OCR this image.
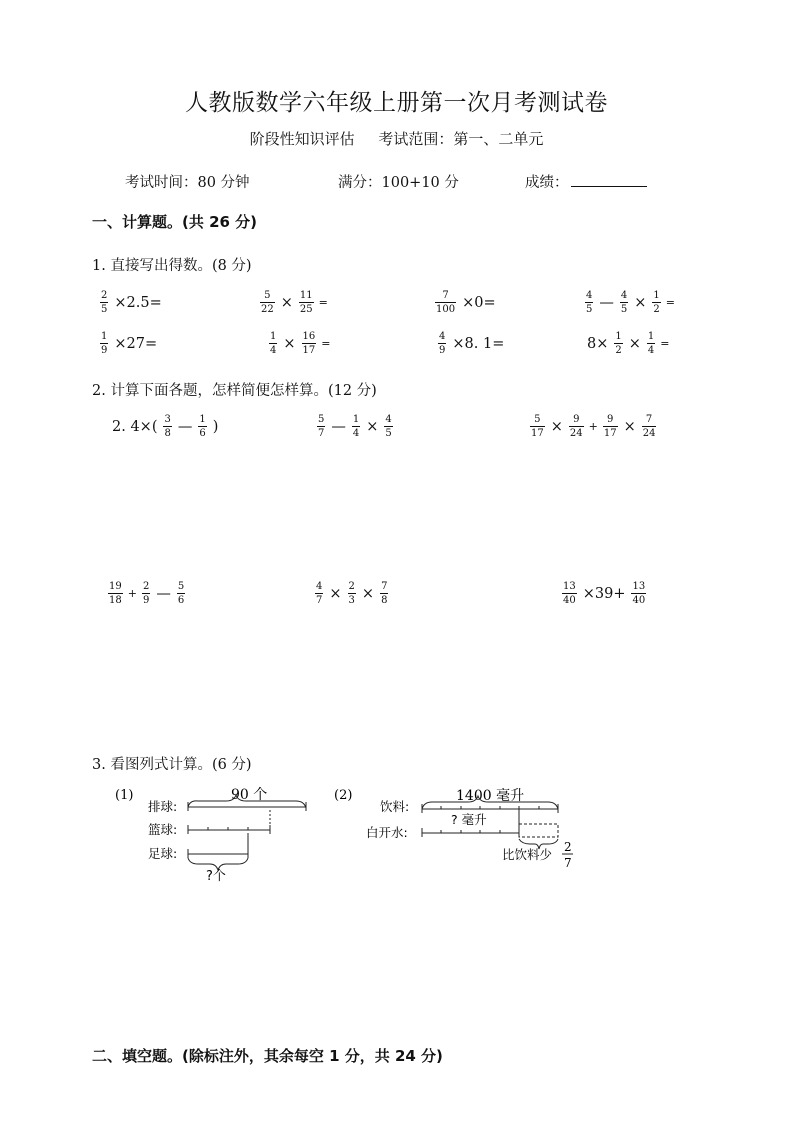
人教版数学六年级上册第一次月考测试卷
阶段性知识评估     考试范围：第一、二单元
考试时间：80 分钟	满分：100+10 分	成绩：
一、计算题。(共 26 分)
1. 直接写出得数。(8 分)
$\frac{2}{5} \times 2.5=$	$\frac{5}{22} \times \frac{11}{25}$ =	$\frac{7}{100} \times 0=$	$\frac{4}{5}$ — $\frac{4}{5} \times \frac{1}{2}$ =
$\frac{1}{9} \times 27=$	$\frac{1}{4} \times \frac{16}{17}$ =	$\frac{4}{9} \times 8$. 1=	$8\times \frac{1}{2} \times \frac{1}{4}$ =
2. 计算下面各题，怎样简便怎样算。(12 分)
2. $4\times( \frac{3}{8}$ — $\frac{1}{6}$ )	$\frac{5}{7}$ — $\frac{1}{4} \times \frac{4}{5}$	$\frac{5}{17} \times \frac{9}{24} + \frac{9}{17} \times \frac{7}{24}$
$\frac{19}{18} + \frac{2}{9}$ — $\frac{5}{6}$	$\frac{4}{7} \times \frac{2}{3} \times \frac{7}{8}$	$\frac{13}{40} \times 39+ \frac{13}{40}$
3. 看图列式计算。(6 分)
(1)	90 个
排球:
篮球:
足球:
?个
(2)	1400 毫升
饮料:
白开水:
? 毫升
比饮料少 2
7
二、填空题。(除标注外，其余每空 1 分，共 24 分)
